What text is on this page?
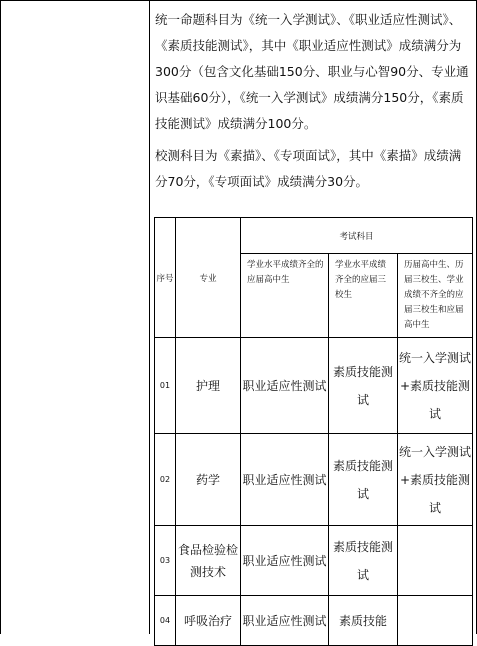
统一命题科目为《统一入学测试》、《职业适应性测试》、《素质技能测试》，其中《职业适应性测试》成绩满分为300分（包含文化基础150分、职业与心智90分、专业通识基础60分），《统一入学测试》成绩满分150分，《素质技能测试》成绩满分100分。

校测科目为《素描》、《专项面试》，其中《素描》成绩满分70分，《专项面试》成绩满分30分。

序号	专业	考试科目		
		学业水平成绩齐全的应届高中生	学业水平成绩齐全的应届三校生	历届高中生、历届三校生、学业成绩不齐全的应届三校生和应届高中生
01	护理	职业适应性测试	素质技能测试	统一入学测试+素质技能测试
02	药学	职业适应性测试	素质技能测试	统一入学测试+素质技能测试
03	食品检验检测技术	职业适应性测试	素质技能测试	
04	呼吸治疗	职业适应性测试	素质技能	
